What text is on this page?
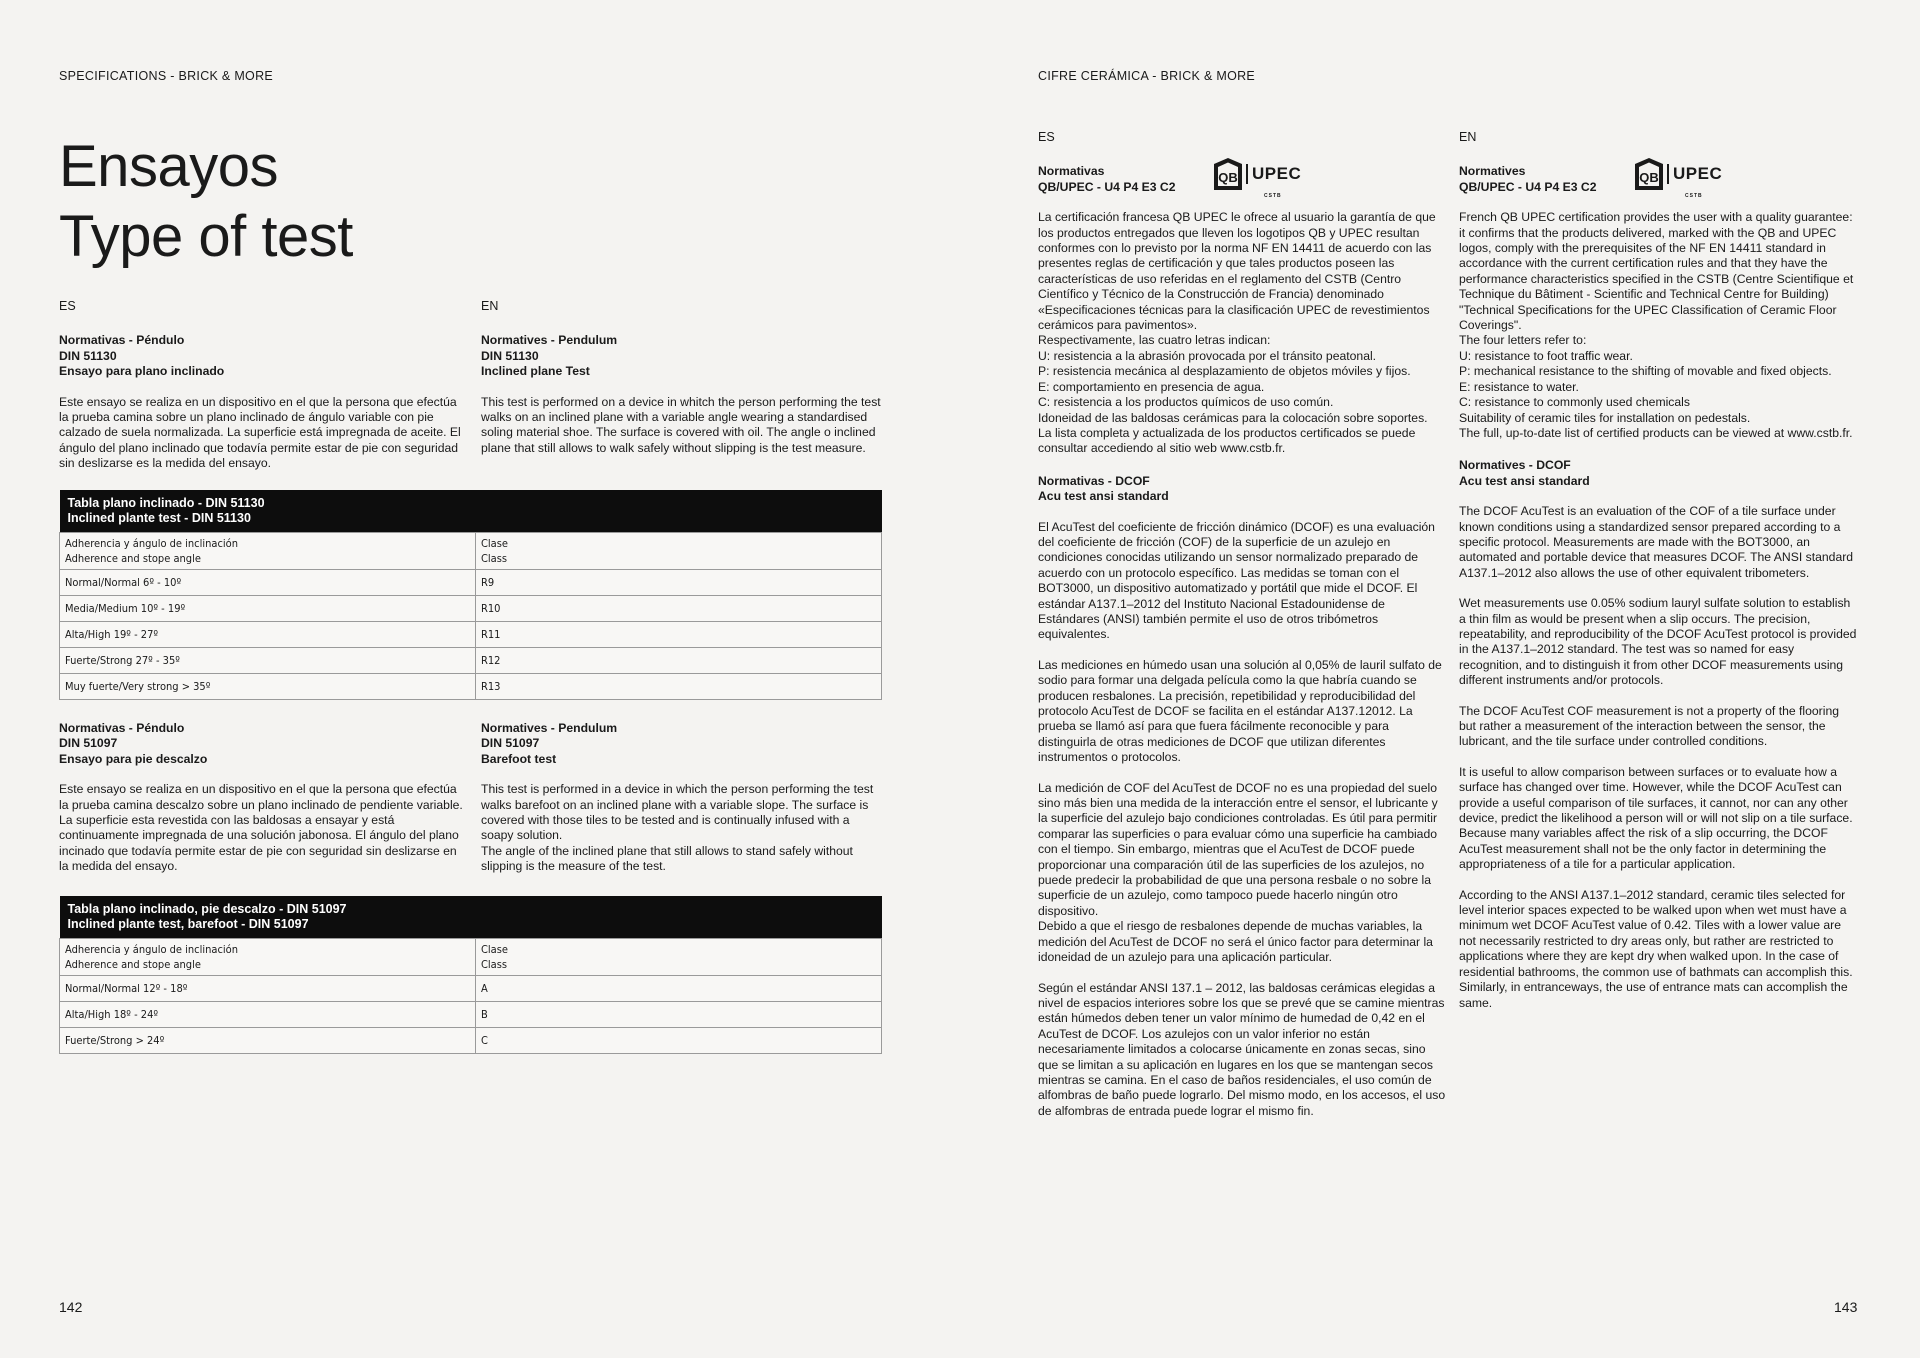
SPECIFICATIONS - BRICK & MORE
Ensayos
Type of test
ES
Normativas - Péndulo
DIN 51130
Ensayo para plano inclinado
Este ensayo se realiza en un dispositivo en el que la persona que efectúa la prueba camina sobre un plano inclinado de ángulo variable con pie calzado de suela normalizada. La superficie está impregnada de aceite. El ángulo del plano inclinado que todavía permite estar de pie con seguridad sin deslizarse es la medida del ensayo.
EN
Normatives - Pendulum
DIN 51130
Inclined plane Test
This test is performed on a device in whitch the person performing the test walks on an inclined plane with a variable angle wearing a standardised soling material shoe. The surface is covered with oil. The angle o inclined plane that still allows to walk safely without slipping is the test measure.
Tabla plano inclinado - DIN 51130
Inclined plante test - DIN 51130	

Adherencia y ángulo de inclinación
Adherence and stope angle	Clase
Class

Normal/Normal 6º - 10º	R9
Media/Medium 10º - 19º	R10
Alta/High 19º - 27º	R11
Fuerte/Strong 27º - 35º	R12
Muy fuerte/Very strong > 35º	R13
Normativas - Péndulo
DIN 51097
Ensayo para pie descalzo
Este ensayo se realiza en un dispositivo en el que la persona que efectúa la prueba camina descalzo sobre un plano inclinado de pendiente variable. La superficie esta revestida con las baldosas a ensayar y está continuamente impregnada de una solución jabonosa. El ángulo del plano incinado que todavía permite estar de pie con seguridad sin deslizarse en la medida del ensayo.
Normatives - Pendulum
DIN 51097
Barefoot test
This test is performed in a device in which the person performing the test walks barefoot on an inclined plane with a variable slope. The surface is covered with those tiles to be tested and is continually infused with a soapy solution.
The angle of the inclined plane that still allows to stand safely without slipping is the measure of the test.
Tabla plano inclinado, pie descalzo - DIN 51097
Inclined plante test, barefoot - DIN 51097	

Adherencia y ángulo de inclinación
Adherence and stope angle	Clase
Class

Normal/Normal 12º - 18º	A
Alta/High 18º - 24º	B
Fuerte/Strong > 24º	C
142
CIFRE CERÁMICA - BRICK & MORE
ES
Normativas
QB/UPEC - U4 P4 E3 C2
QB UPEC
CSTB
La certificación francesa QB UPEC le ofrece al usuario la garantía de que los productos entregados que lleven los logotipos QB y UPEC resultan conformes con lo previsto por la norma NF EN 14411 de acuerdo con las presentes reglas de certificación y que tales productos poseen las características de uso referidas en el reglamento del CSTB (Centro Científico y Técnico de la Construcción de Francia) denominado «Especificaciones técnicas para la clasificación UPEC de revestimientos cerámicos para pavimentos».
Respectivamente, las cuatro letras indican:
U: resistencia a la abrasión provocada por el tránsito peatonal.
P: resistencia mecánica al desplazamiento de objetos móviles y fijos.
E: comportamiento en presencia de agua.
C: resistencia a los productos químicos de uso común.
Idoneidad de las baldosas cerámicas para la colocación sobre soportes.
La lista completa y actualizada de los productos certificados se puede consultar accediendo al sitio web www.cstb.fr.
Normativas - DCOF
Acu test ansi standard
El AcuTest del coeficiente de fricción dinámico (DCOF) es una evaluación del coeficiente de fricción (COF) de la superficie de un azulejo en condiciones conocidas utilizando un sensor normalizado preparado de acuerdo con un protocolo específico. Las medidas se toman con el BOT3000, un dispositivo automatizado y portátil que mide el DCOF. El estándar A137.1–2012 del Instituto Nacional Estadounidense de Estándares (ANSI) también permite el uso de otros tribómetros equivalentes.
Las mediciones en húmedo usan una solución al 0,05% de lauril sulfato de sodio para formar una delgada película como la que habría cuando se producen resbalones. La precisión, repetibilidad y reproducibilidad del protocolo AcuTest de DCOF se facilita en el estándar A137.12012. La prueba se llamó así para que fuera fácilmente reconocible y para distinguirla de otras mediciones de DCOF que utilizan diferentes instrumentos o protocolos.
La medición de COF del AcuTest de DCOF no es una propiedad del suelo sino más bien una medida de la interacción entre el sensor, el lubricante y la superficie del azulejo bajo condiciones controladas. Es útil para permitir comparar las superficies o para evaluar cómo una superficie ha cambiado con el tiempo. Sin embargo, mientras que el AcuTest de DCOF puede proporcionar una comparación útil de las superficies de los azulejos, no puede predecir la probabilidad de que una persona resbale o no sobre la superficie de un azulejo, como tampoco puede hacerlo ningún otro dispositivo.
Debido a que el riesgo de resbalones depende de muchas variables, la medición del AcuTest de DCOF no será el único factor para determinar la idoneidad de un azulejo para una aplicación particular.
Según el estándar ANSI 137.1 – 2012, las baldosas cerámicas elegidas a nivel de espacios interiores sobre los que se prevé que se camine mientras están húmedos deben tener un valor mínimo de humedad de 0,42 en el AcuTest de DCOF. Los azulejos con un valor inferior no están necesariamente limitados a colocarse únicamente en zonas secas, sino que se limitan a su aplicación en lugares en los que se mantengan secos mientras se camina. En el caso de baños residenciales, el uso común de alfombras de baño puede lograrlo. Del mismo modo, en los accesos, el uso de alfombras de entrada puede lograr el mismo fin.
EN
Normatives
QB/UPEC - U4 P4 E3 C2
QB UPEC
CSTB
French QB UPEC certification provides the user with a quality guarantee: it confirms that the products delivered, marked with the QB and UPEC logos, comply with the prerequisites of the NF EN 14411 standard in accordance with the current certification rules and that they have the performance characteristics specified in the CSTB (Centre Scientifique et Technique du Bâtiment - Scientific and Technical Centre for Building) "Technical Specifications for the UPEC Classification of Ceramic Floor Coverings".
The four letters refer to:
U: resistance to foot traffic wear.
P: mechanical resistance to the shifting of movable and fixed objects.
E: resistance to water.
C: resistance to commonly used chemicals
Suitability of ceramic tiles for installation on pedestals.
The full, up-to-date list of certified products can be viewed at www.cstb.fr.
Normatives - DCOF
Acu test ansi standard
The DCOF AcuTest is an evaluation of the COF of a tile surface under known conditions using a standardized sensor prepared according to a specific protocol. Measurements are made with the BOT3000, an automated and portable device that measures DCOF. The ANSI standard A137.1–2012 also allows the use of other equivalent tribometers.
Wet measurements use 0.05% sodium lauryl sulfate solution to establish a thin film as would be present when a slip occurs. The precision, repeatability, and reproducibility of the DCOF AcuTest protocol is provided in the A137.1–2012 standard. The test was so named for easy recognition, and to distinguish it from other DCOF measurements using different instruments and/or protocols.
The DCOF AcuTest COF measurement is not a property of the flooring but rather a measurement of the interaction between the sensor, the lubricant, and the tile surface under controlled conditions.
It is useful to allow comparison between surfaces or to evaluate how a surface has changed over time. However, while the DCOF AcuTest can provide a useful comparison of tile surfaces, it cannot, nor can any other device, predict the likelihood a person will or will not slip on a tile surface.
Because many variables affect the risk of a slip occurring, the DCOF AcuTest measurement shall not be the only factor in determining the appropriateness of a tile for a particular application.
According to the ANSI A137.1–2012 standard, ceramic tiles selected for level interior spaces expected to be walked upon when wet must have a minimum wet DCOF AcuTest value of 0.42. Tiles with a lower value are not necessarily restricted to dry areas only, but rather are restricted to applications where they are kept dry when walked upon. In the case of residential bathrooms, the common use of bathmats can accomplish this. Similarly, in entranceways, the use of entrance mats can accomplish the same.
143
